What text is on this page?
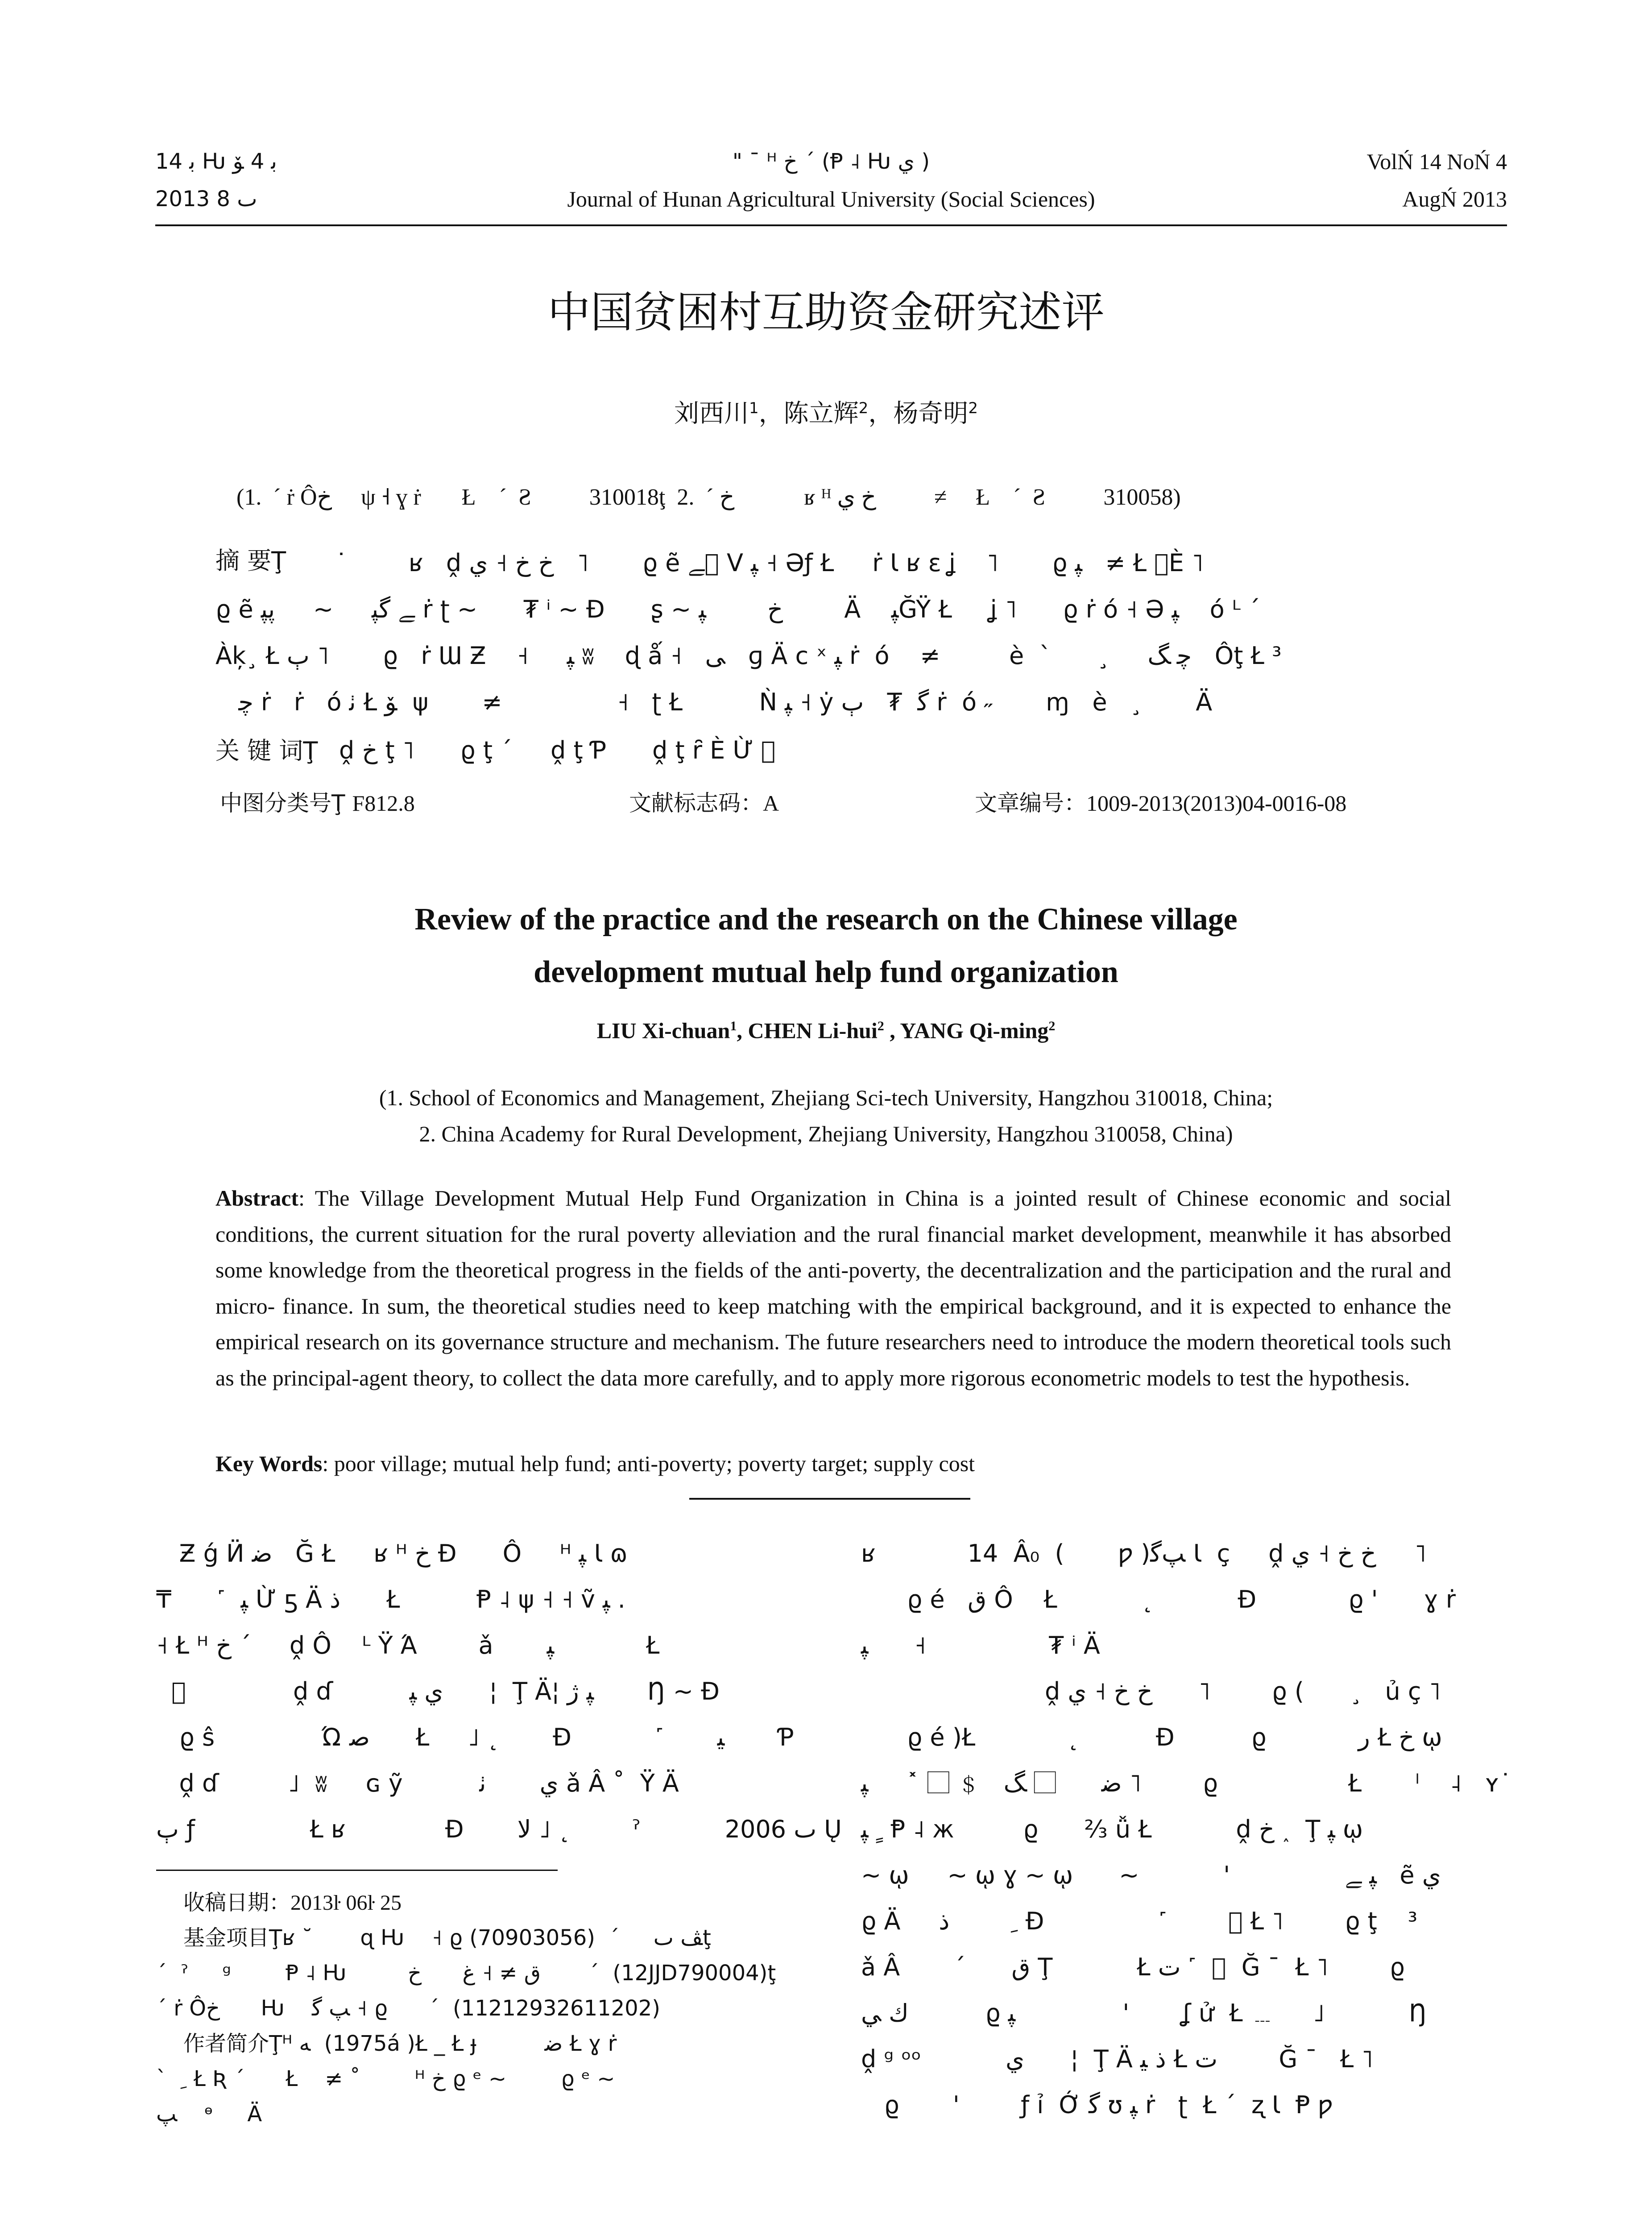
ﺑ 14 Ƕ ﺑ 4 ﯚ
2013 ٮ 8
" ¯ ᴴ ﺥ ˊ (Ᵽ ˨ Ƕ ﻱ )
Journal of Hunan Agricultural University (Social Sciences)
VolŃ 14 NoŃ 4
AugŃ 2013
中国贫困村互助资金研究述评
刘西川$^1$，陈立辉$^2$，杨奇明$^2$
(1.  ˊ ṙ Ôﺥ     ψ ˧ ɣ ṙ       Ł    ˊ  Ƨ          310018ţ  2.  ˊ ﺥ            ʁ ᴴ ﺥ ﻱ          ≠     Ł    ˊ  Ƨ          310058)
摘 要Ţ ˙        ʁ   ḓ ﺥ ﺥ ˧ ﻱ   ˥       ϱ ẽ ﮯ ⃞V ﭙ ˧ Əƒ Ł     ṙ Ɩ ʁ ɛ ʝ    ˥       ϱ ﭙ   ≠ Ł ⃞È ˥
ϱ ẽ ﮯ ﮔﭙ     ~     ﭘﭙ ṙ ʈ ~      ₮ ⁱ ~ Đ      ʂ ~ ﺥ        ﭙ        Ä    ﭙĞŸ Ł     ʝ ˥      ϱ ṙ ó ˧ Ə ﭙ    ó ᴸ ˊ
Àķ¸ Ł ﭒ ˥       ϱ   ṙ Ɯ Ƶ    ˧     ﭙ ʬ    ɖ ǻ ˧   ﯽ   ɡ Ä c ˣ ﭙ ṙ  ó    ≠         è  ˋ      ¸     ﭼ ﮓ   Ôţ Ł ³
ﭼ ṙ   ṙ   ó ﭠ Ł ﯚ  ψ       ≠               ˧   ʈ Ł          Ǹ ﭙ ˧ ẏ ﮔ  ₮   ﭒ ṙ  ó ˶       ɱ   è   ¸       Ä
关 键 词Ţ ḓ ﺥ ţ ˥      ϱ ţ ˊ     ḓ ţ Ƥ      ḓ ţ ȓ È Ừ ⃞
中图分类号Ţ F812.8	文献标志码：A	文章编号：1009-2013(2013)04-0016-08
Review of the practice and the research on the Chinese village
development mutual help fund organization
LIU Xi-chuan$^1$, CHEN Li-hui$^2$ , YANG Qi-ming$^2$
(1. School of Economics and Management, Zhejiang Sci-tech University, Hangzhou 310018, China;
2. China Academy for Rural Development, Zhejiang University, Hangzhou 310058, China)
Abstract: The Village Development Mutual Help Fund Organization in China is a jointed result of Chinese economic and social conditions, the current situation for the rural poverty alleviation and the rural financial market development, meanwhile it has absorbed some knowledge from the theoretical progress in the fields of the anti-poverty, the decentralization and the participation and the rural and micro- finance. In sum, the theoretical studies need to keep matching with the empirical background, and it is expected to enhance the empirical research on its governance structure and mechanism. The future researchers need to introduce the modern theoretical tools such as the principal-agent theory, to collect the data more carefully, and to apply more rigorous econometric models to test the hypothesis.
Key Words: poor village; mutual help fund; anti-poverty; poverty target; supply cost
Ƶ ǵ Ӥ ﺿ   Ğ Ł     ʁ ᴴ ﺥ Đ      Ô     ᴴ ﭙ Ɩ ɷ
₸      ˹  ﭙ Ừ ƽ Ä ﺫ      Ł          Ᵽ ˨ ψ ˧ ˧ ṽ ﭙ .
˧ Ł ᴴ ﺥ ˊ     ḓ Ô    ᴸ Ÿ Ά        ǎ       ﭙ            Ł
⃞              ḓ ɗ          ﻱ ﭙ      ¦  Ţ Ä¦ ﭙ ﮊ       Ŋ ~ Đ
ϱ ŝ              Ώ ﺻ      Ł     ˩ ˛       Đ           ˹       ﯿ       Ƥ
ḓ ɗ         ˩  ʬ     ɢ ỹ          ﻱ       ﭠ ǎ Â ˚  Ÿ Ä
ﭒ ƒ               Ł ʁ             Đ       ﻻ ˩ ˛        ˀ           2006 ٮ Ų
收稿日期：2013ŀ 06ŀ 25
基金项目Ţʁ ˘       ɋ Ƕ    ˧ ϱ ﭫ ٮ     ˊ  (70903056)ţ
ˊ  ˀ     ᵍ        Ᵽ ˨ Ƕ         ﻕ ≠ ˧ ﻍ      ﺥ       ˊ  (12JJD790004)ţ
ˊ ṙ Ôﺥ      Ƕ    ﭗ ﮔ ˧ ϱ      ˊ  (11212932611202)
作者简介Ţᴴ ﻪ  (1975á )Ł _ Ł ɟ          ﺿ Ł ɣ ṙ
ˋ  ﹺ Ł Ʀ ˊ      Ł    ≠ ˚        ᴴ ﺥ ϱ ᵉ ~        ϱ ᵉ ~
ﭗ    ᶱ     Ä
ʁ            14  Â₀  (       ƿ )ﭗﮔ Ɩ  ç     ḓ ﺥ ﺥ ˧ ﻱ     ˥
ϱ é   ﻕ Ô    Ł           ˛           Đ            ϱ '      ɣ ṙ
ﭙ      ˧                ₮ ⁱ Ä
ḓ ﺥ ﺥ ˧ ﻱ      ˥        ϱ (      ¸   ủ ç ˥
ϱ é )Ł            ˛          Đ          ϱ            ﺭ Ł ﺥ ῳ
ﺿ      ⃞ ﮓ   ﹩ ⃞ ˟     ﭙ ˥        ϱ                 Ł       ˡ    ˨   ʏ˙
ﹴ ﭙ Ᵽ ˨ ж         ϱ      ⅔ ǚ Ł           ḓ ﺥ ˰  Ţ ﭙ ῳ
~ ῳ     ~ ῳ ɣ ~ ῳ      ~           '               ﭙ ﮯ   ẽ ﻱ
ϱ Ä     ﹺ        ﺫ Đ               ˹        ⃞ Ł ˥        ϱ ţ    ³
ǎ Â       ˊ      ﻕ Ţ           Ł ﺕ ˹   ⃞ Ğ ˉ  Ł ˥        ϱ
ﻙ ﻲ          ϱ ﭙ              '       ʆ ử  Ł ﹍     ˩           Ŋ
ḓ ᵍ ᵒᵒ           ﻱ      ¦  Ţ Ä ﺫ ﻴ Ł ﺕ        Ğ ˉ   Ł ˥
ϱ       '        ƒ ỉ  Ớ ﮔ ʊ ﭙ ṙ   ʈ  Ł ˊ  ʐ Ɩ  Ᵽ ƿ
